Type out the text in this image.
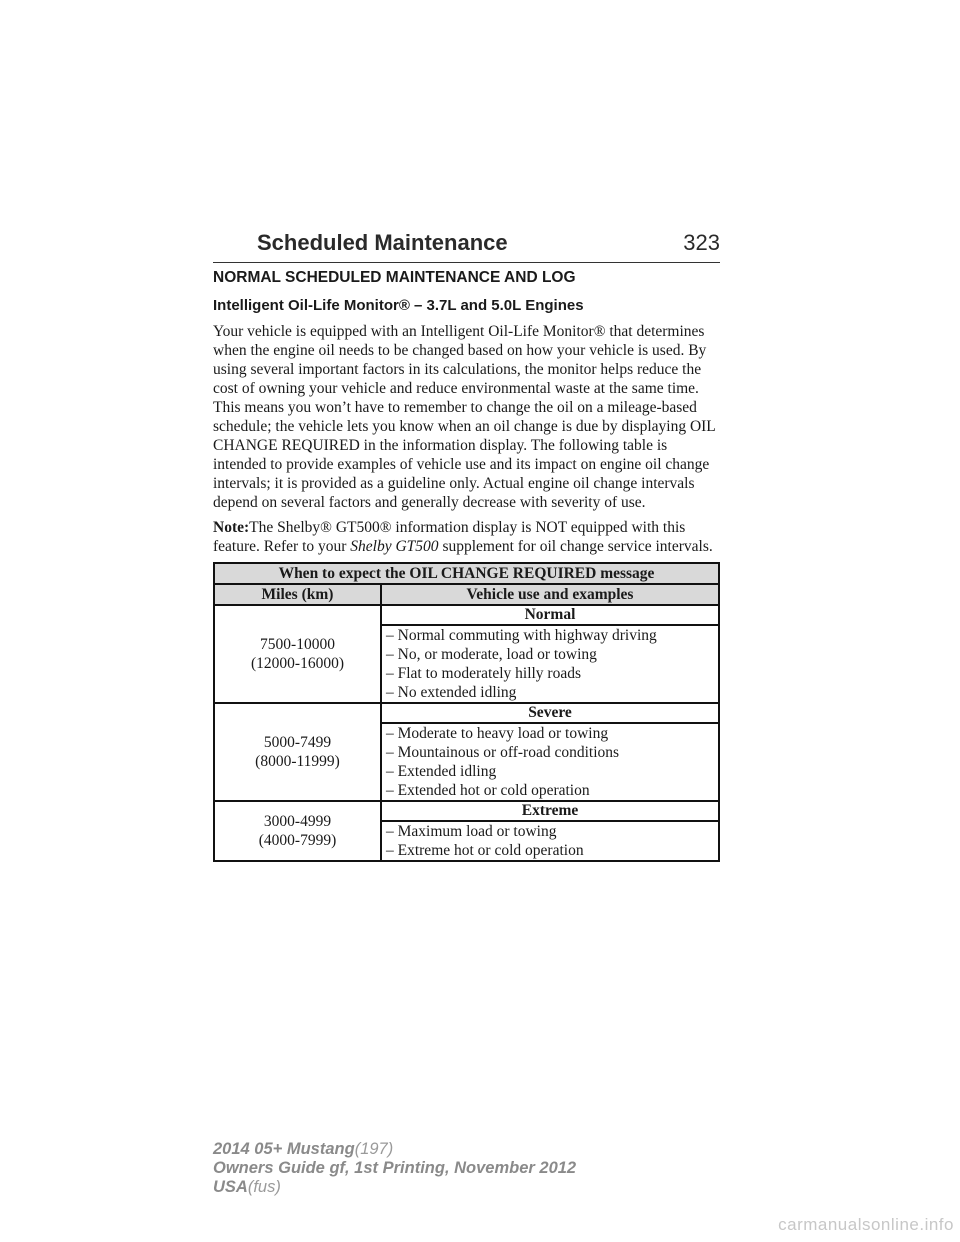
Scheduled Maintenance	323
NORMAL SCHEDULED MAINTENANCE AND LOG
Intelligent Oil-Life Monitor® – 3.7L and 5.0L Engines

Your vehicle is equipped with an Intelligent Oil-Life Monitor® that determines when the engine oil needs to be changed based on how your vehicle is used. By using several important factors in its calculations, the monitor helps reduce the cost of owning your vehicle and reduce environmental waste at the same time. This means you won’t have to remember to change the oil on a mileage-based schedule; the vehicle lets you know when an oil change is due by displaying OIL CHANGE REQUIRED in the information display. The following table is intended to provide examples of vehicle use and its impact on engine oil change intervals; it is provided as a guideline only. Actual engine oil change intervals depend on several factors and generally decrease with severity of use.

Note:The Shelby® GT500® information display is NOT equipped with this feature. Refer to your Shelby GT500 supplement for oil change service intervals.

When to expect the OIL CHANGE REQUIRED message	
Miles (km)	Vehicle use and examples

7500-10000
(12000-16000)	Normal

	– Normal commuting with highway driving
– No, or moderate, load or towing
– Flat to moderately hilly roads
– No extended idling

5000-7499
(8000-11999)	Severe

	– Moderate to heavy load or towing
– Mountainous or off-road conditions
– Extended idling
– Extended hot or cold operation

3000-4999
(4000-7999)	Extreme

	– Maximum load or towing
– Extreme hot or cold operation
2014 05+ Mustang(197)
Owners Guide gf, 1st Printing, November 2012
USA(fus)
carmanualsonline.info
